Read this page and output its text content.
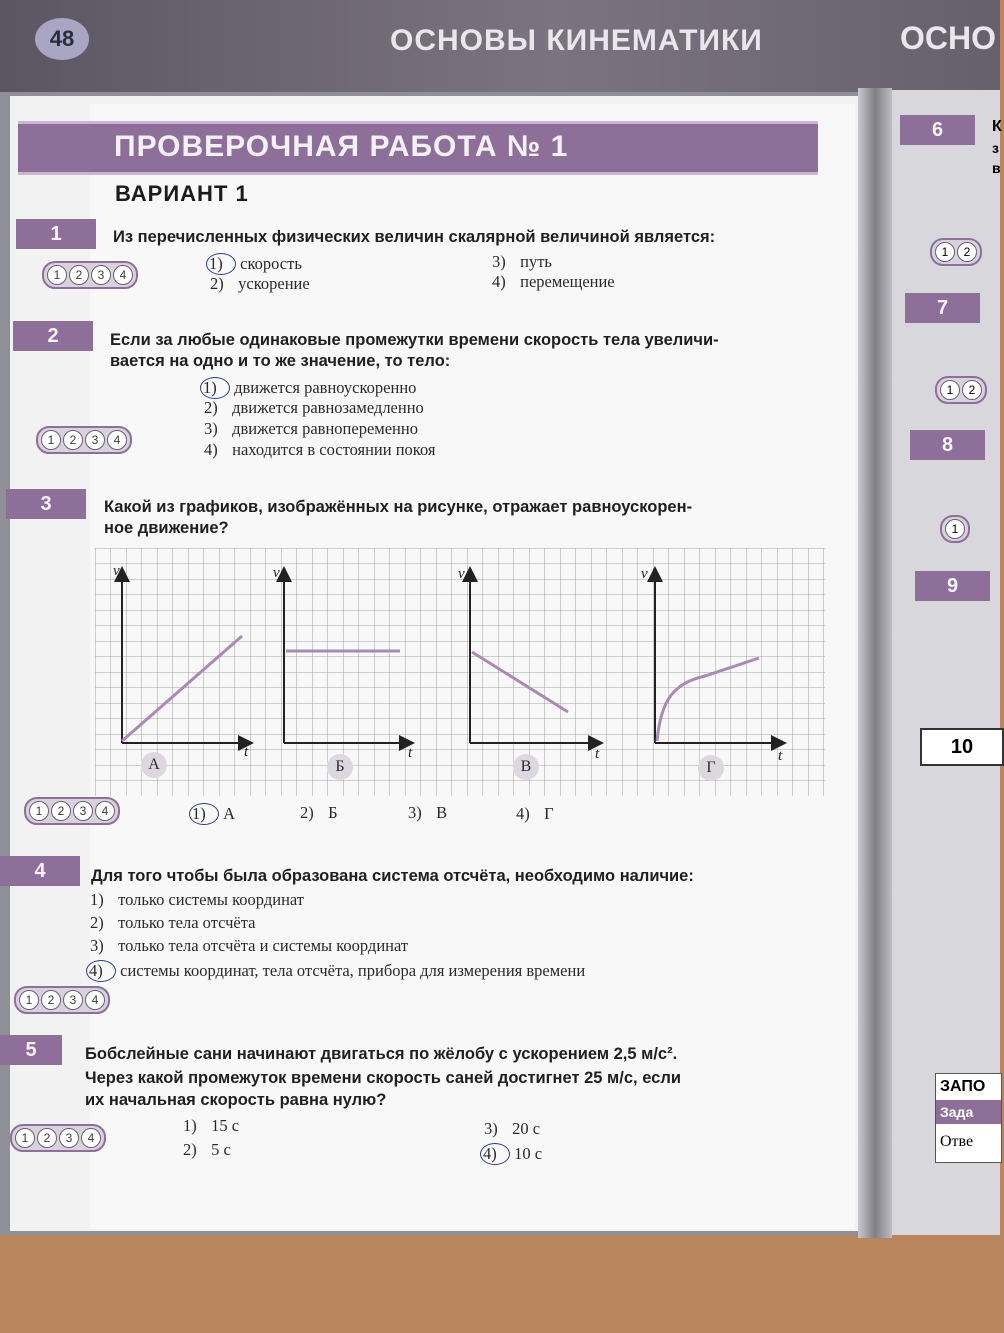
48	ОСНОВЫ КИНЕМАТИКИ	ОСНО
6	К
з
в
1	2
7
1	2
8
1
9
10
ЗАПО
Зада
Отве
ПРОВЕРОЧНАЯ РАБОТА № 1
ВАРИАНТ 1
1	Из перечисленных физических величин скалярной величиной является:
1	2	3	4
1) скорость
2) ускорение
3) путь
4) перемещение
2	Если за любые одинаковые промежутки времени скорость тела увеличи-
вается на одно и то же значение, то тело:
1) движется равноускоренно
2) движется равнозамедленно
3) движется равнопеременно
4) находится в состоянии покоя
1	2	3	4
3	Какой из графиков, изображённых на рисунке, отражает равноускорен-
ное движение?
v
t
А
v
t
Б
v
t
В
v
t
Г
1	2	3	4	1) А	2) Б	3) В	4) Г
4	Для того чтобы была образована система отсчёта, необходимо наличие:
1) только системы координат
2) только тела отсчёта
3) только тела отсчёта и системы координат
4) системы координат, тела отсчёта, прибора для измерения времени
1	2	3	4
5	Бобслейные сани начинают двигаться по жёлобу с ускорением 2,5 м/с².
Через какой промежуток времени скорость саней достигнет 25 м/с, если
их начальная скорость равна нулю?
1	2	3	4
1) 15 с
2) 5 с
3) 20 с
4) 10 с
